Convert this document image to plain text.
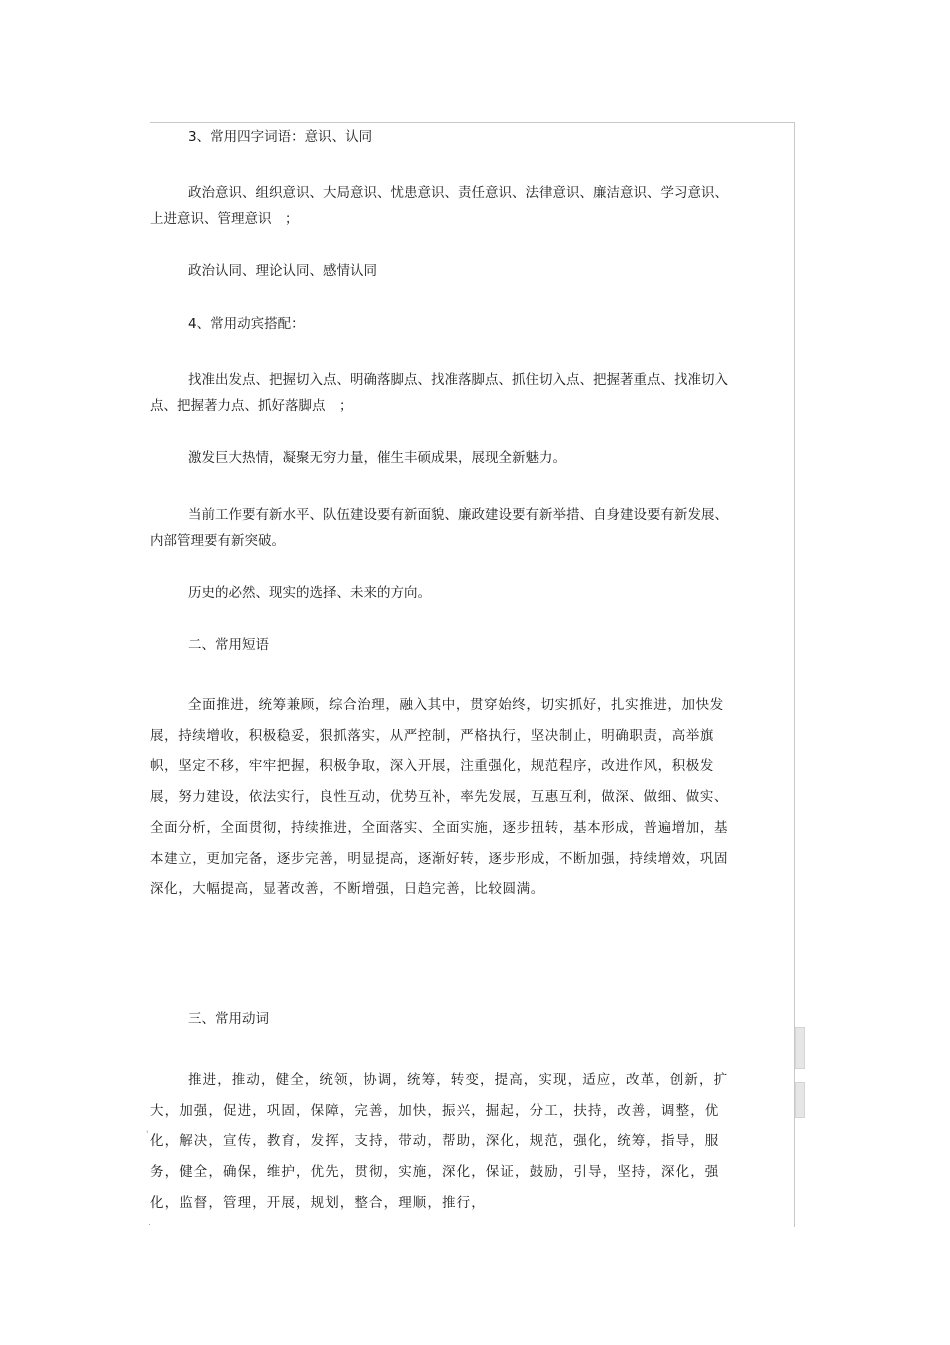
3、常用四字词语：意识、认同

政治意识、组织意识、大局意识、忧患意识、责任意识、法律意识、廉洁意识、学习意识、上进意识、管理意识　；

政治认同、理论认同、感情认同

4、常用动宾搭配：

找准出发点、把握切入点、明确落脚点、找准落脚点、抓住切入点、把握著重点、找准切入点、把握著力点、抓好落脚点　；

激发巨大热情，凝聚无穷力量，催生丰硕成果，展现全新魅力。

当前工作要有新水平、队伍建设要有新面貌、廉政建设要有新举措、自身建设要有新发展、内部管理要有新突破。

历史的必然、现实的选择、未来的方向。

二、常用短语

全面推进，统筹兼顾，综合治理，融入其中，贯穿始终，切实抓好，扎实推进，加快发展，持续增收，积极稳妥，狠抓落实，从严控制，严格执行，坚决制止，明确职责，高举旗帜，坚定不移，牢牢把握，积极争取，深入开展，注重强化，规范程序，改进作风，积极发展，努力建设，依法实行，良性互动，优势互补，率先发展，互惠互利，做深、做细、做实、全面分析，全面贯彻，持续推进，全面落实、全面实施，逐步扭转，基本形成，普遍增加，基本建立，更加完备，逐步完善，明显提高，逐渐好转，逐步形成，不断加强，持续增效，巩固深化，大幅提高，显著改善，不断增强，日趋完善，比较圆满。

三、常用动词

推进，推动，健全，统领，协调，统筹，转变，提高，实现，适应，改革，创新，扩大，加强，促进，巩固，保障，完善，加快，振兴，掘起，分工，扶持，改善，调整，优化，解决，宣传，教育，发挥，支持，带动，帮助，深化，规范，强化，统筹，指导，服务，健全，确保，维护，优先，贯彻，实施，深化，保证，鼓励，引导，坚持，深化，强化，监督，管理，开展，规划，整合，理顺，推行，

'
.
